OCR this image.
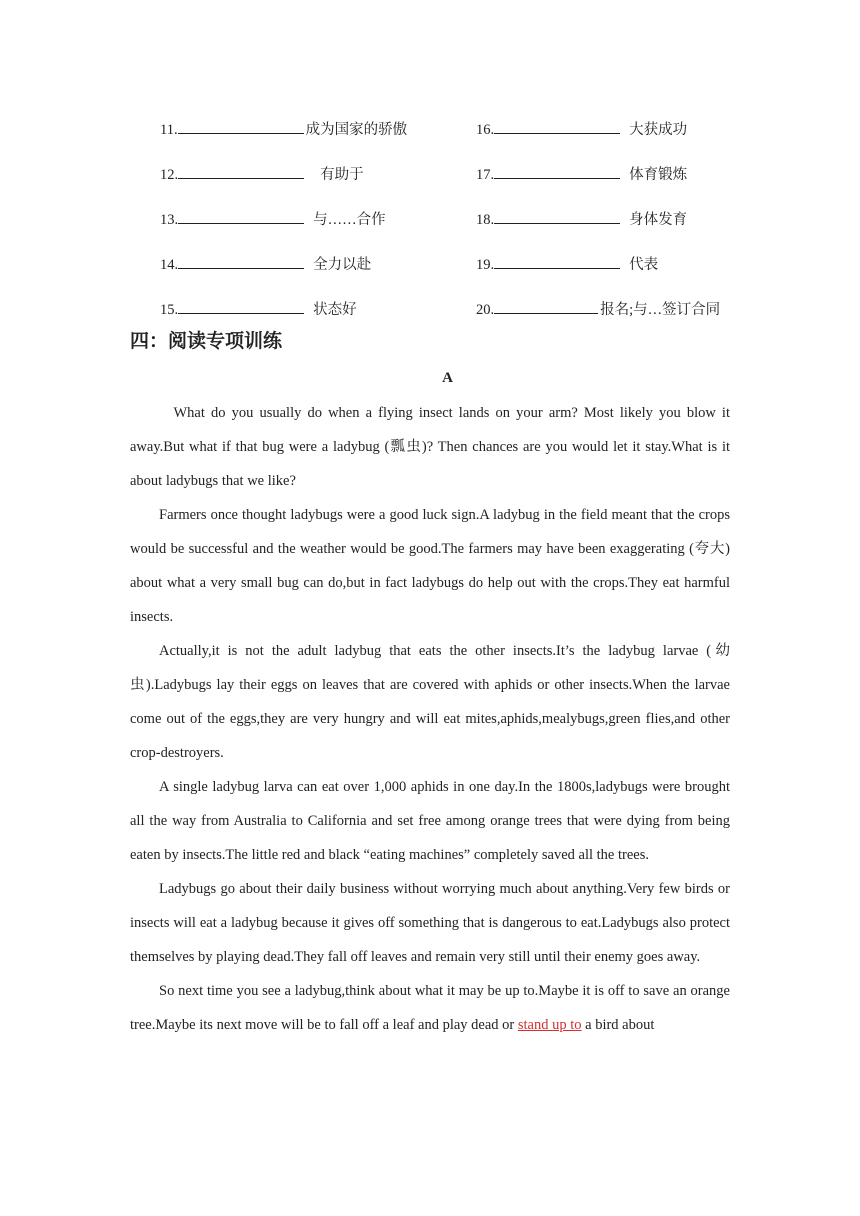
11.	成为国家的骄傲	16.	大获成功
12.	有助于	17.	体育锻炼
13.	与……合作	18.	身体发育
14.	全力以赴	19.	代表
15.	状态好	20.	报名;与…签订合同
四：阅读专项训练
A

What do you usually do when a flying insect lands on your arm? Most likely you blow it away.But what if that bug were a ladybug (瓢虫)? Then chances are you would let it stay.What is it about ladybugs that we like?

Farmers once thought ladybugs were a good luck sign.A ladybug in the field meant that the crops would be successful and the weather would be good.The farmers may have been exaggerating (夸大) about what a very small bug can do,but in fact ladybugs do help out with the crops.They eat harmful insects.

Actually,it is not the adult ladybug that eats the other insects.It’s the ladybug larvae (幼虫).Ladybugs lay their eggs on leaves that are covered with aphids or other insects.When the larvae come out of the eggs,they are very hungry and will eat mites,aphids,mealybugs,green flies,and other crop-destroyers.

A single ladybug larva can eat over 1,000 aphids in one day.In the 1800s,ladybugs were brought all the way from Australia to California and set free among orange trees that were dying from being eaten by insects.The little red and black “eating machines” completely saved all the trees.

Ladybugs go about their daily business without worrying much about anything.Very few birds or insects will eat a ladybug because it gives off something that is dangerous to eat.Ladybugs also protect themselves by playing dead.They fall off leaves and remain very still until their enemy goes away.

So next time you see a ladybug,think about what it may be up to.Maybe it is off to save an orange tree.Maybe its next move will be to fall off a leaf and play dead or stand up to a bird about
